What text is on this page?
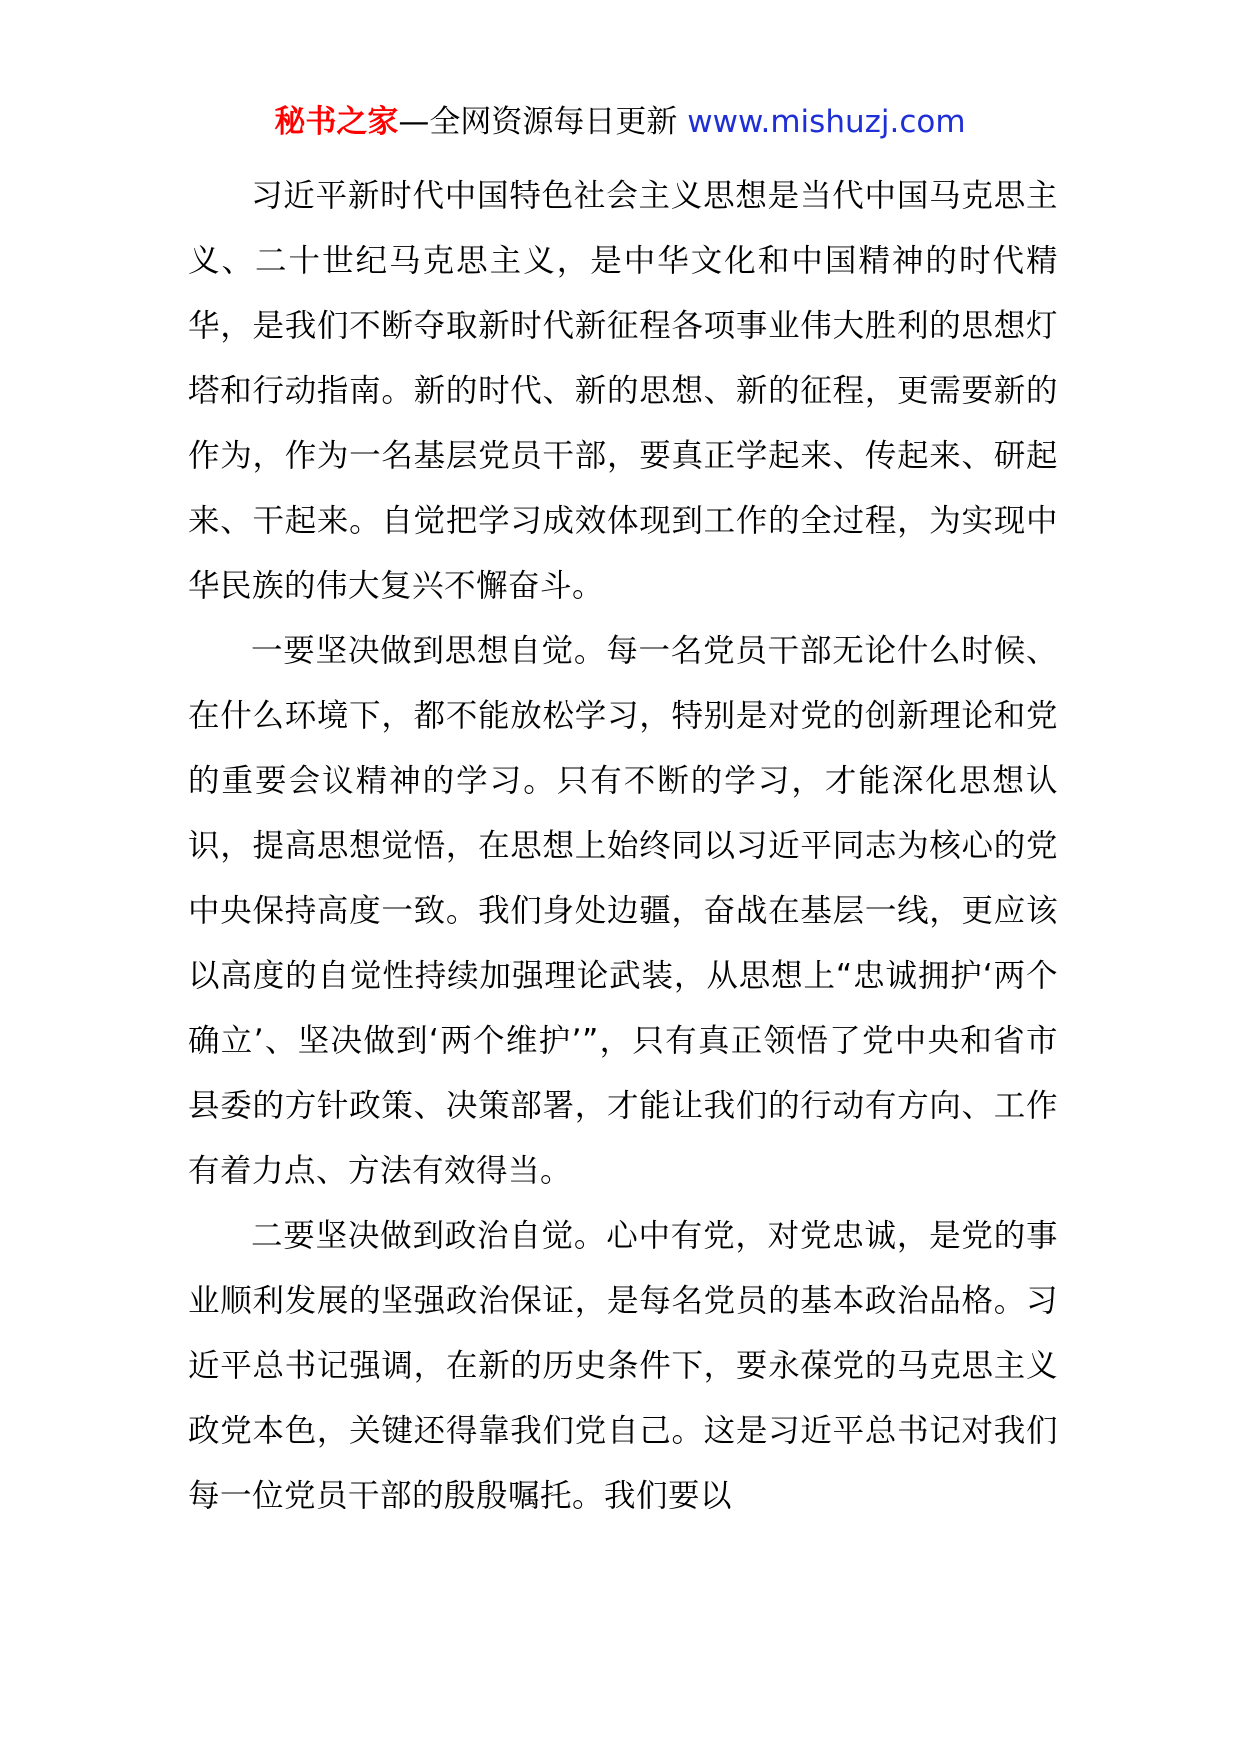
秘书之家—全网资源每日更新 www.mishuzj.com

习近平新时代中国特色社会主义思想是当代中国马克思主义、二十世纪马克思主义，是中华文化和中国精神的时代精华，是我们不断夺取新时代新征程各项事业伟大胜利的思想灯塔和行动指南。新的时代、新的思想、新的征程，更需要新的作为，作为一名基层党员干部，要真正学起来、传起来、研起来、干起来。自觉把学习成效体现到工作的全过程，为实现中华民族的伟大复兴不懈奋斗。

一要坚决做到思想自觉。每一名党员干部无论什么时候、在什么环境下，都不能放松学习，特别是对党的创新理论和党的重要会议精神的学习。只有不断的学习，才能深化思想认识，提高思想觉悟，在思想上始终同以习近平同志为核心的党中央保持高度一致。我们身处边疆，奋战在基层一线，更应该以高度的自觉性持续加强理论武装，从思想上“忠诚拥护‘两个确立’、坚决做到‘两个维护’”，只有真正领悟了党中央和省市县委的方针政策、决策部署，才能让我们的行动有方向、工作有着力点、方法有效得当。

二要坚决做到政治自觉。心中有党，对党忠诚，是党的事业顺利发展的坚强政治保证，是每名党员的基本政治品格。习近平总书记强调，在新的历史条件下，要永葆党的马克思主义政党本色，关键还得靠我们党自己。这是习近平总书记对我们每一位党员干部的殷殷嘱托。我们要以
